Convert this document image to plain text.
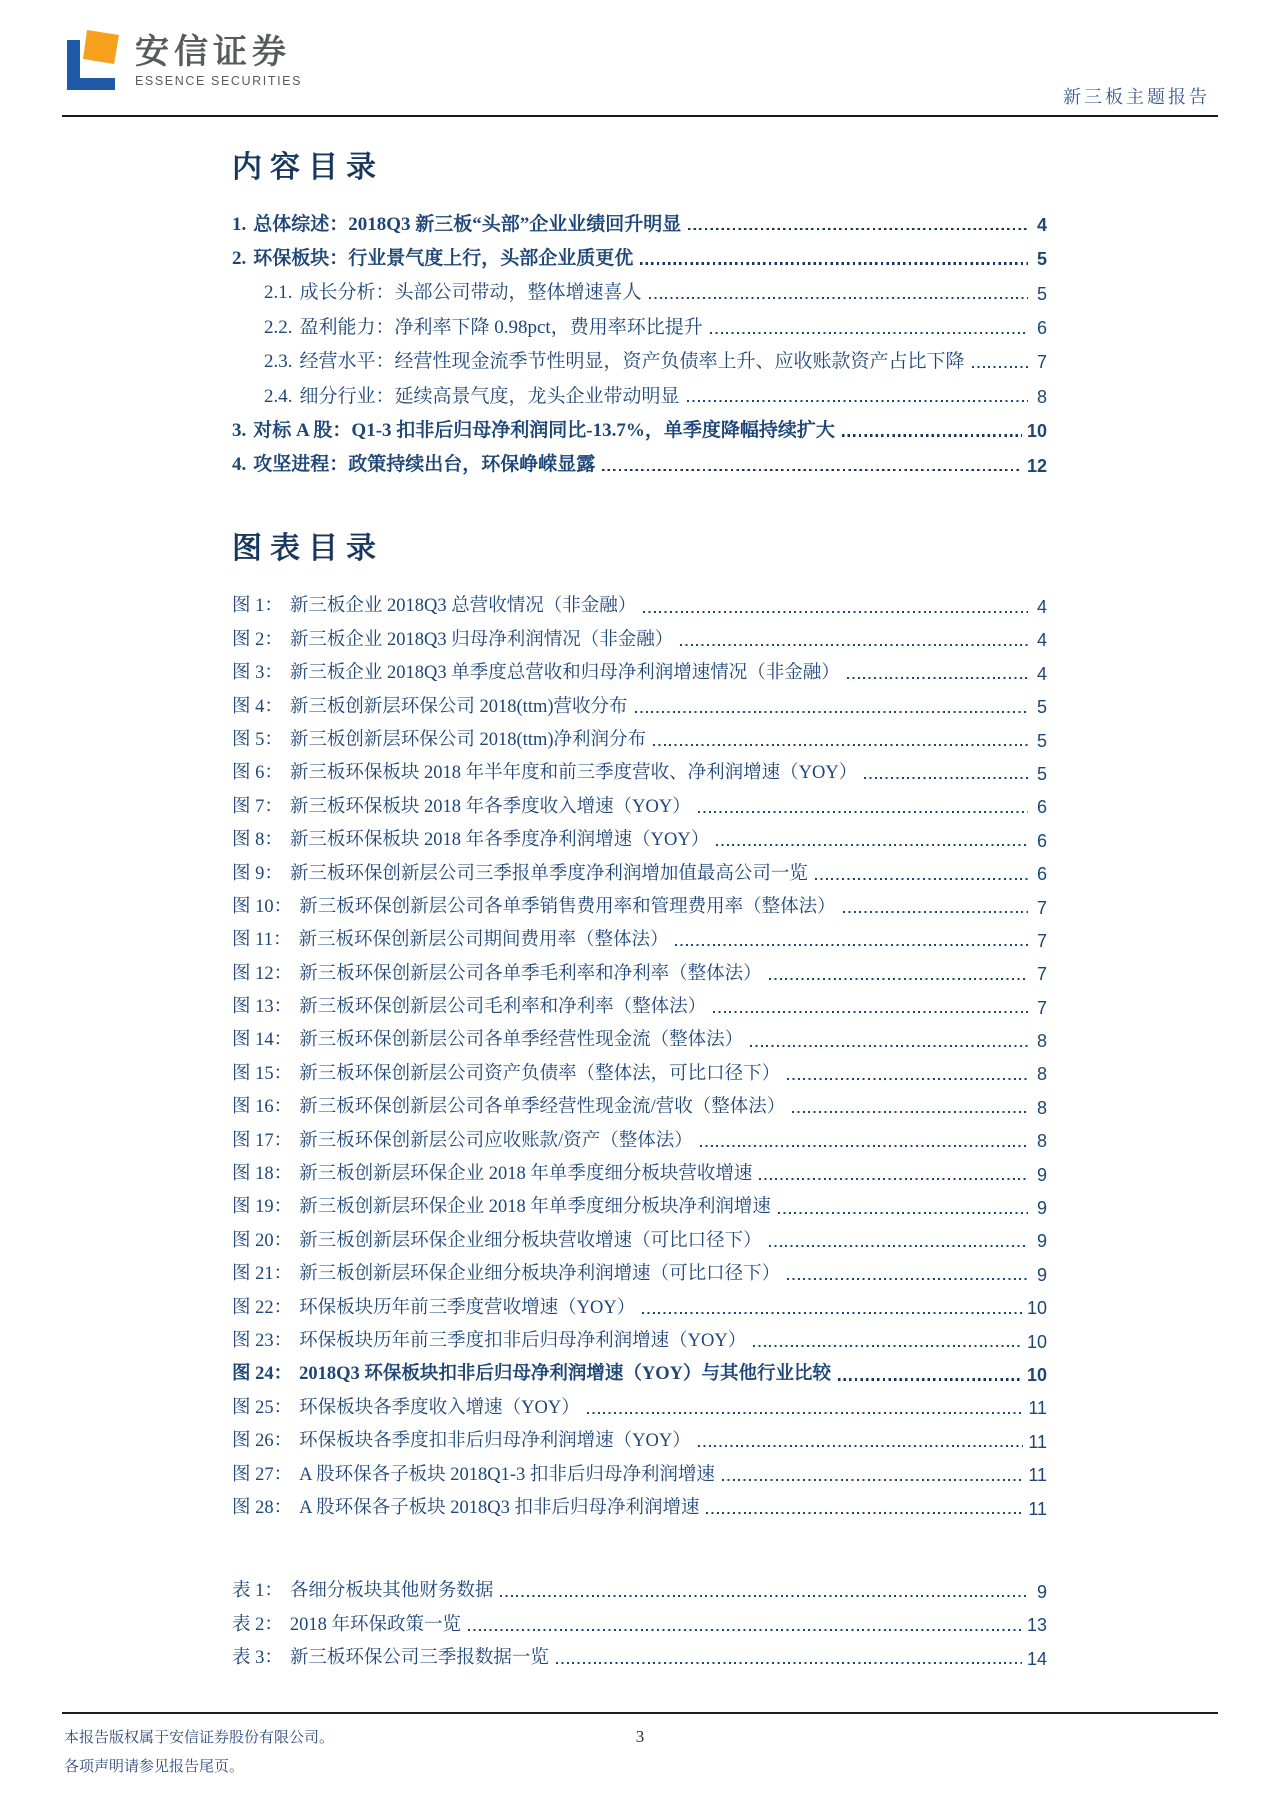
安信证券
ESSENCE SECURITIES
新三板主题报告
内容目录
1. 总体综述：2018Q3 新三板“头部”企业业绩回升明显	4
2. 环保板块：行业景气度上行，头部企业质更优	5
2.1. 成长分析：头部公司带动，整体增速喜人	5
2.2. 盈利能力：净利率下降 0.98pct，费用率环比提升	6
2.3. 经营水平：经营性现金流季节性明显，资产负债率上升、应收账款资产占比下降	7
2.4. 细分行业：延续高景气度，龙头企业带动明显	8
3. 对标 A 股：Q1-3 扣非后归母净利润同比-13.7%，单季度降幅持续扩大	10
4. 攻坚进程：政策持续出台，环保峥嵘显露	12
图表目录
图 1： 新三板企业 2018Q3 总营收情况（非金融）	4
图 2： 新三板企业 2018Q3 归母净利润情况（非金融）	4
图 3： 新三板企业 2018Q3 单季度总营收和归母净利润增速情况（非金融）	4
图 4： 新三板创新层环保公司 2018(ttm)营收分布	5
图 5： 新三板创新层环保公司 2018(ttm)净利润分布	5
图 6： 新三板环保板块 2018 年半年度和前三季度营收、净利润增速（YOY）	5
图 7： 新三板环保板块 2018 年各季度收入增速（YOY）	6
图 8： 新三板环保板块 2018 年各季度净利润增速（YOY）	6
图 9： 新三板环保创新层公司三季报单季度净利润增加值最高公司一览	6
图 10： 新三板环保创新层公司各单季销售费用率和管理费用率（整体法）	7
图 11： 新三板环保创新层公司期间费用率（整体法）	7
图 12： 新三板环保创新层公司各单季毛利率和净利率（整体法）	7
图 13： 新三板环保创新层公司毛利率和净利率（整体法）	7
图 14： 新三板环保创新层公司各单季经营性现金流（整体法）	8
图 15： 新三板环保创新层公司资产负债率（整体法，可比口径下）	8
图 16： 新三板环保创新层公司各单季经营性现金流/营收（整体法）	8
图 17： 新三板环保创新层公司应收账款/资产（整体法）	8
图 18： 新三板创新层环保企业 2018 年单季度细分板块营收增速	9
图 19： 新三板创新层环保企业 2018 年单季度细分板块净利润增速	9
图 20： 新三板创新层环保企业细分板块营收增速（可比口径下）	9
图 21： 新三板创新层环保企业细分板块净利润增速（可比口径下）	9
图 22： 环保板块历年前三季度营收增速（YOY）	10
图 23： 环保板块历年前三季度扣非后归母净利润增速（YOY）	10
图 24： 2018Q3 环保板块扣非后归母净利润增速（YOY）与其他行业比较	10
图 25： 环保板块各季度收入增速（YOY）	11
图 26： 环保板块各季度扣非后归母净利润增速（YOY）	11
图 27： A 股环保各子板块 2018Q1-3 扣非后归母净利润增速	11
图 28： A 股环保各子板块 2018Q3 扣非后归母净利润增速	11
表 1： 各细分板块其他财务数据	9
表 2： 2018 年环保政策一览	13
表 3： 新三板环保公司三季报数据一览	14
本报告版权属于安信证券股份有限公司。
各项声明请参见报告尾页。
3
